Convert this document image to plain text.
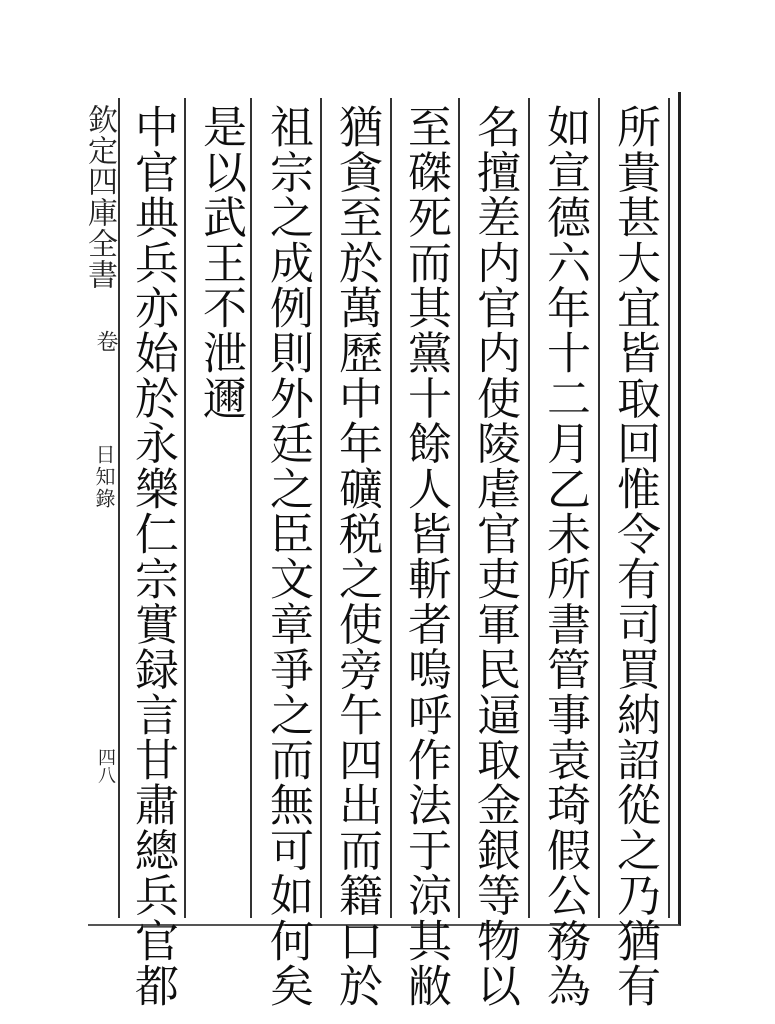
所貴甚大宜皆取回惟令有司買納詔從之乃猶有
如宣德六年十二月乙未所書管事袁琦假公務為
名擅差内官内使陵虐官吏軍民逼取金銀等物以
至磔死而其黨十餘人皆斬者嗚呼作法于涼其敝
猶貪至於萬歷中年礦税之使旁午四出而籍口於
祖宗之成例則外廷之臣文章爭之而無可如何矣
是以武王不泄邇
中官典兵亦始於永樂仁宗實録言甘肅總兵官都
欽定四庫全書
卷
日知錄
四八
